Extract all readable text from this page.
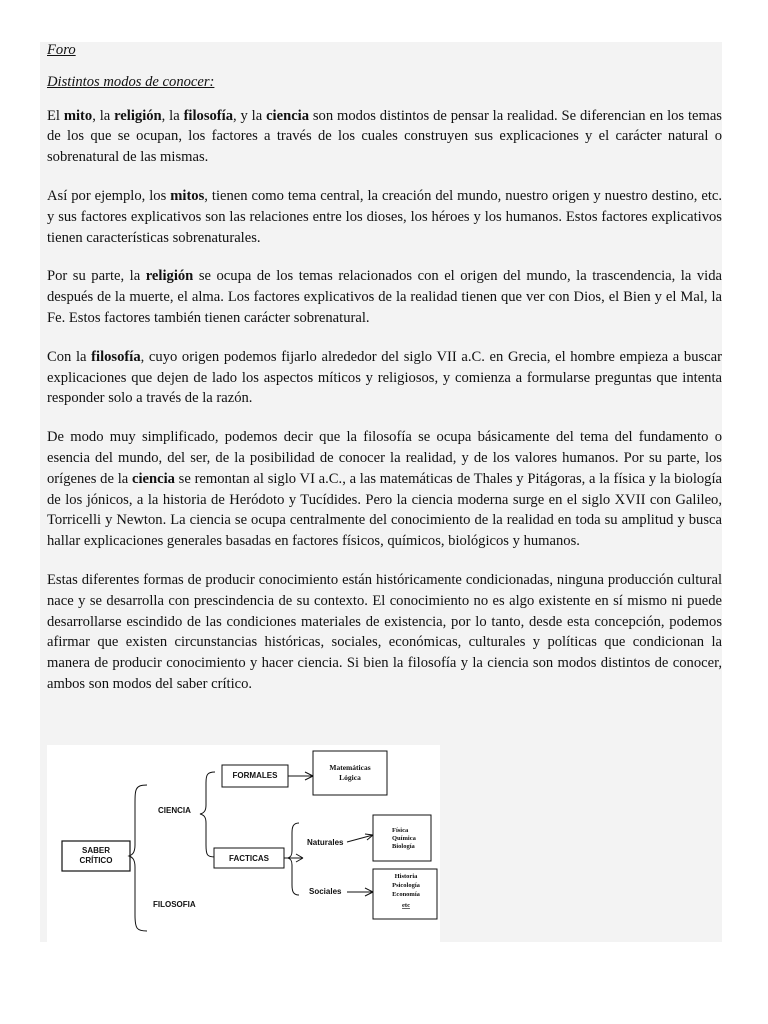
Foro
Distintos modos de conocer:

El mito, la religión, la filosofía, y la ciencia son modos distintos de pensar la realidad. Se diferencian en los temas de los que se ocupan, los factores a través de los cuales construyen sus explicaciones y el carácter natural o sobrenatural de las mismas.

Así por ejemplo, los mitos, tienen como tema central, la creación del mundo, nuestro origen y nuestro destino, etc. y sus factores explicativos son las relaciones entre los dioses, los héroes y los humanos. Estos factores explicativos tienen características sobrenaturales.

Por su parte, la religión se ocupa de los temas relacionados con el origen del mundo, la trascendencia, la vida después de la muerte, el alma. Los factores explicativos de la realidad tienen que ver con Dios, el Bien y el Mal, la Fe. Estos factores también tienen carácter sobrenatural.

Con la filosofía, cuyo origen podemos fijarlo alrededor del siglo VII a.C. en Grecia, el hombre empieza a buscar explicaciones que dejen de lado los aspectos míticos y religiosos, y comienza a formularse preguntas que intenta responder solo a través de la razón.

De modo muy simplificado, podemos decir que la filosofía se ocupa básicamente del tema del fundamento o esencia del mundo, del ser, de la posibilidad de conocer la realidad, y de los valores humanos. Por su parte, los orígenes de la ciencia se remontan al siglo VI a.C., a las matemáticas de Thales y Pitágoras, a la física y la biología de los jónicos, a la historia de Heródoto y Tucídides. Pero la ciencia moderna surge en el siglo XVII con Galileo, Torricelli y Newton. La ciencia se ocupa centralmente del conocimiento de la realidad en toda su amplitud y busca hallar explicaciones generales basadas en factores físicos, químicos, biológicos y humanos.

Estas diferentes formas de producir conocimiento están históricamente condicionadas, ninguna producción cultural nace y se desarrolla con prescindencia de su contexto. El conocimiento no es algo existente en sí mismo ni puede desarrollarse escindido de las condiciones materiales de existencia, por lo tanto, desde esta concepción, podemos afirmar que existen circunstancias históricas, sociales, económicas, culturales y políticas que condicionan la manera de producir conocimiento y hacer ciencia. Si bien la filosofía y la ciencia son modos distintos de conocer, ambos son modos del saber crítico.

SABER
CRÍTICO
CIENCIA
FILOSOFIA
FORMALES
Matemáticas
Lógica
FACTICAS
Naturales
Física
Química
Biología
Sociales
Historia
Psicología
Economía
etc
